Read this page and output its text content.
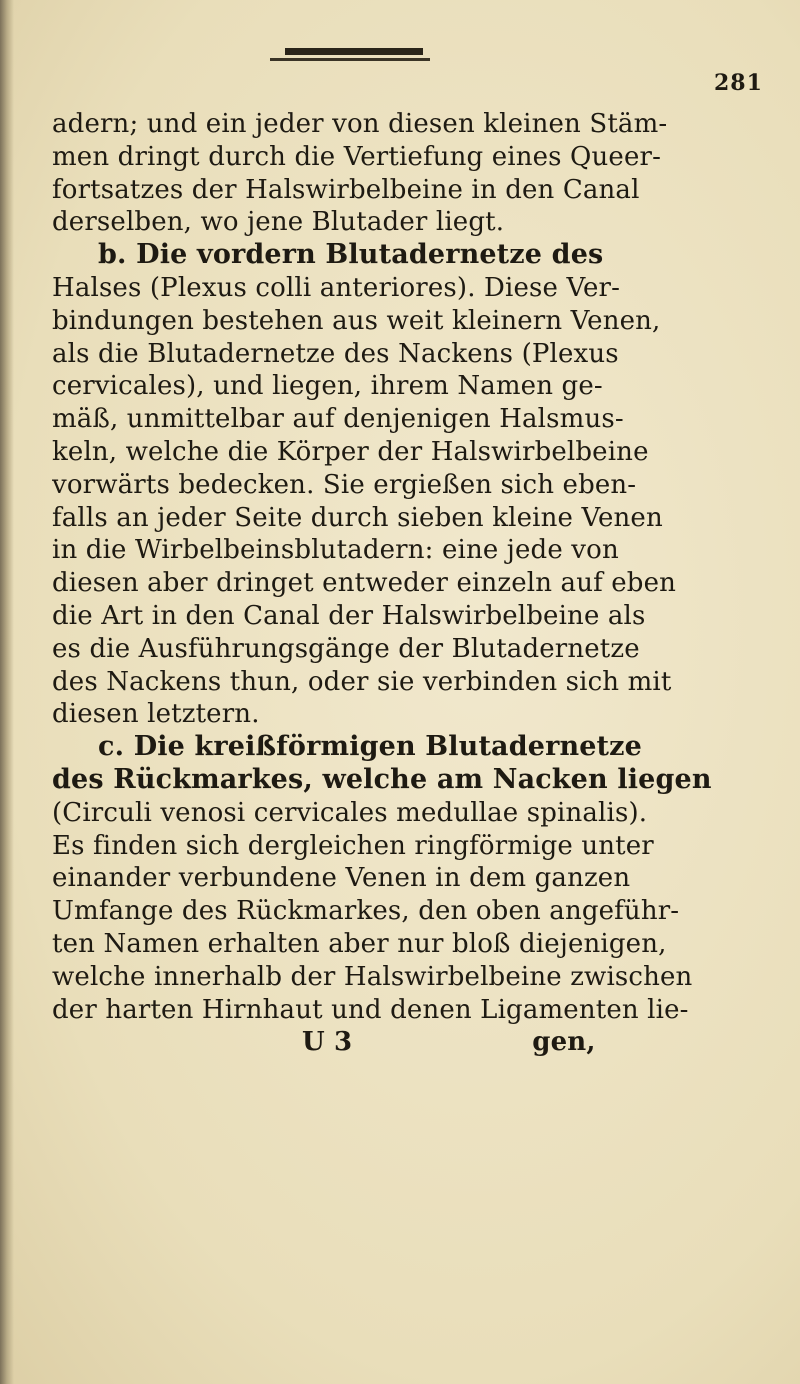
281
adern; und ein jeder von diesen kleinen Stäm-
men dringt durch die Vertiefung eines Queer-
fortsatzes der Halswirbelbeine in den Canal
derselben, wo jene Blutader liegt.
b. Die vordern Blutadernetze des
Halses (Plexus colli anteriores). Diese Ver-
bindungen bestehen aus weit kleinern Venen,
als die Blutadernetze des Nackens (Plexus
cervicales), und liegen, ihrem Namen ge-
mäß, unmittelbar auf denjenigen Halsmus-
keln, welche die Körper der Halswirbelbeine
vorwärts bedecken. Sie ergießen sich eben-
falls an jeder Seite durch sieben kleine Venen
in die Wirbelbeinsblutadern: eine jede von
diesen aber dringet entweder einzeln auf eben
die Art in den Canal der Halswirbelbeine als
es die Ausführungsgänge der Blutadernetze
des Nackens thun, oder sie verbinden sich mit
diesen letztern.
c. Die kreißförmigen Blutadernetze
des Rückmarkes, welche am Nacken liegen
(Circuli venosi cervicales medullae spinalis).
Es finden sich dergleichen ringförmige unter
einander verbundene Venen in dem ganzen
Umfange des Rückmarkes, den oben angeführ-
ten Namen erhalten aber nur bloß diejenigen,
welche innerhalb der Halswirbelbeine zwischen
der harten Hirnhaut und denen Ligamenten lie-
U 3	gen,
